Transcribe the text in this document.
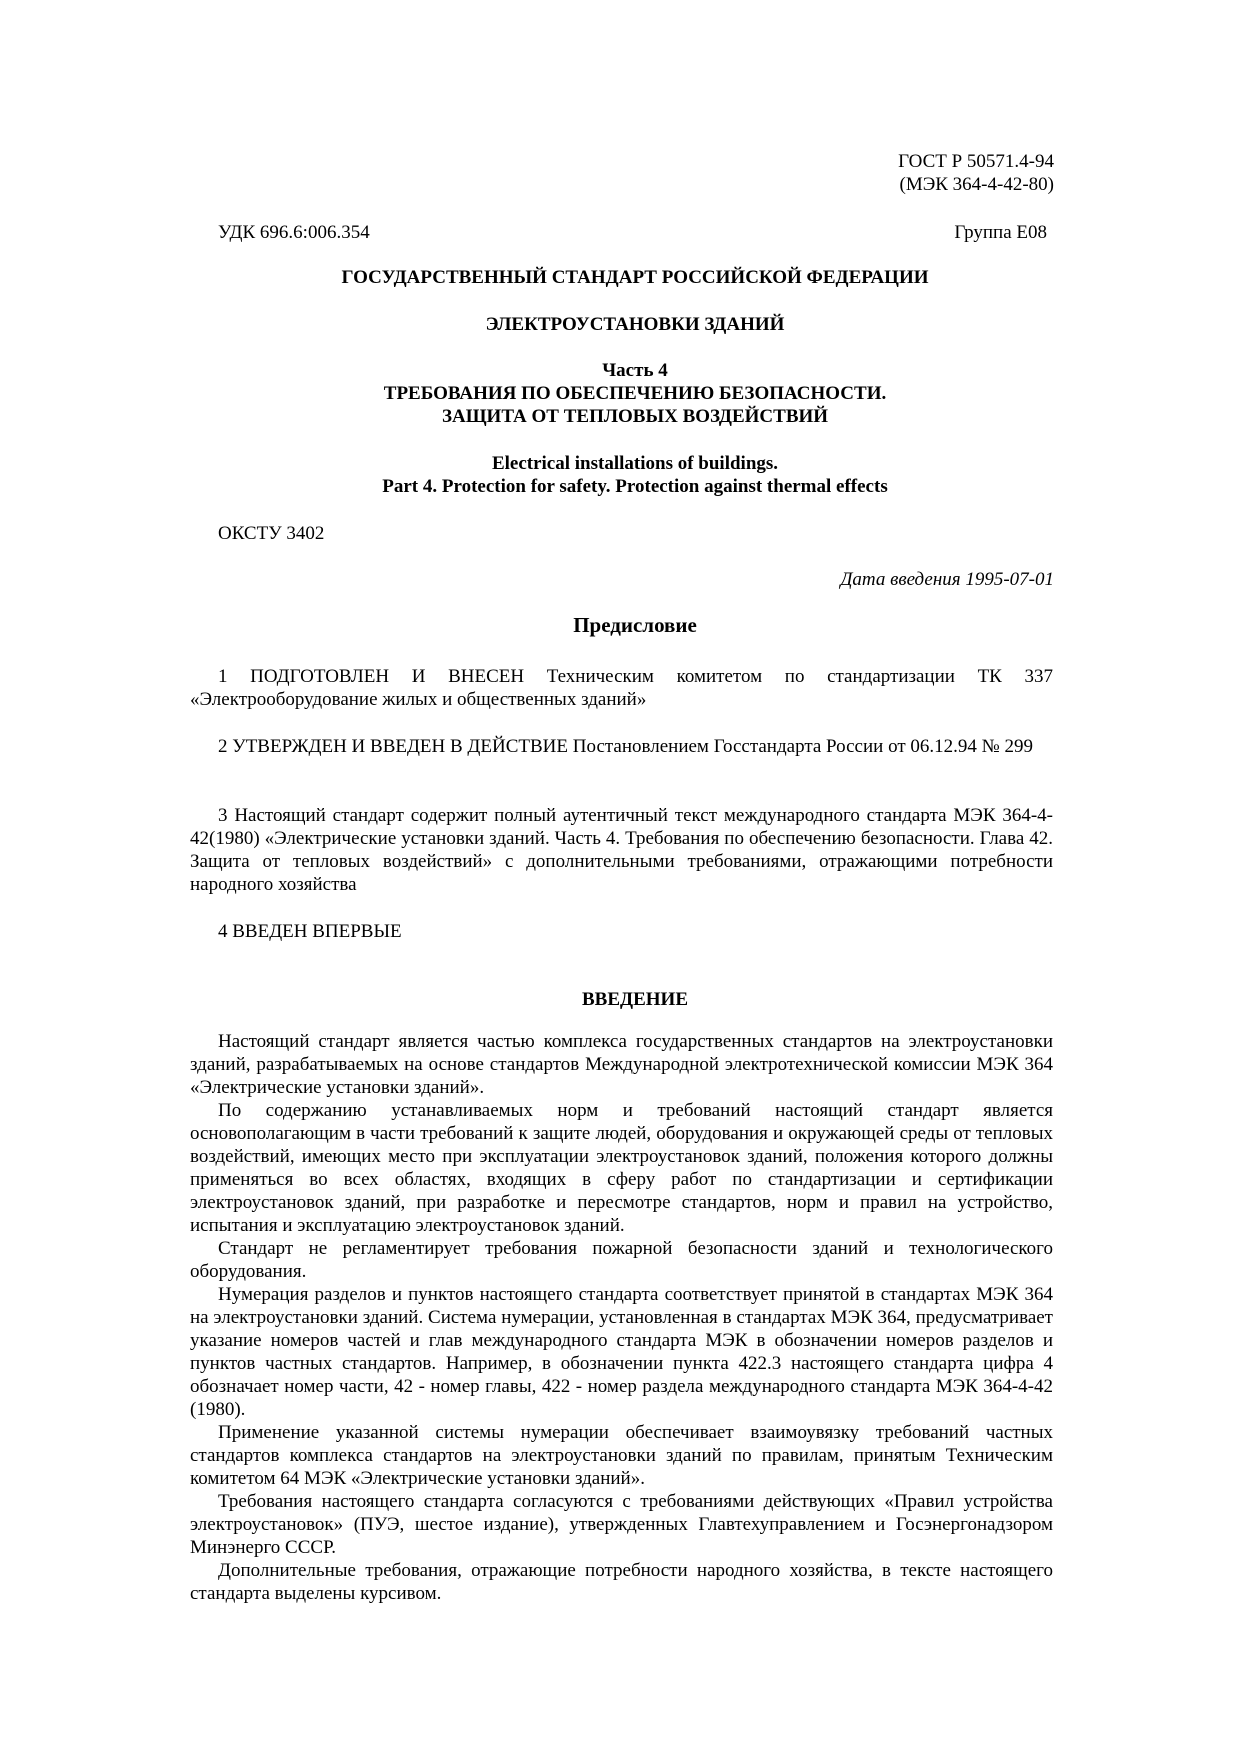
ГОСТ Р 50571.4-94
(МЭК 364-4-42-80)
УДК 696.6:006.354	Группа Е08
ГОСУДАРСТВЕННЫЙ СТАНДАРТ РОССИЙСКОЙ ФЕДЕРАЦИИ
ЭЛЕКТРОУСТАНОВКИ ЗДАНИЙ
Часть 4
ТРЕБОВАНИЯ ПО ОБЕСПЕЧЕНИЮ БЕЗОПАСНОСТИ.
ЗАЩИТА ОТ ТЕПЛОВЫХ ВОЗДЕЙСТВИЙ
Electrical installations of buildings.
Part 4. Protection for safety. Protection against thermal effects
ОКСТУ 3402
Дата введения 1995-07-01
Предисловие
1 ПОДГОТОВЛЕН И ВНЕСЕН Техническим комитетом по стандартизации ТК 337 «Электрооборудование жилых и общественных зданий»
2 УТВЕРЖДЕН И ВВЕДЕН В ДЕЙСТВИЕ Постановлением Госстандарта России от 06.12.94 № 299
3 Настоящий стандарт содержит полный аутентичный текст международного стандарта МЭК 364-4-42(1980) «Электрические установки зданий. Часть 4. Требования по обеспечению безопасности. Глава 42. Защита от тепловых воздействий» с дополнительными требованиями, отражающими потребности народного хозяйства
4 ВВЕДЕН ВПЕРВЫЕ
ВВЕДЕНИЕ

Настоящий стандарт является частью комплекса государственных стандартов на электроустановки зданий, разрабатываемых на основе стандартов Международной электротехнической комиссии МЭК 364 «Электрические установки зданий».

По содержанию устанавливаемых норм и требований настоящий стандарт является основополагающим в части требований к защите людей, оборудования и окружающей среды от тепловых воздействий, имеющих место при эксплуатации электроустановок зданий, положения которого должны применяться во всех областях, входящих в сферу работ по стандартизации и сертификации электроустановок зданий, при разработке и пересмотре стандартов, норм и правил на устройство, испытания и эксплуатацию электроустановок зданий.

Стандарт не регламентирует требования пожарной безопасности зданий и технологического оборудования.

Нумерация разделов и пунктов настоящего стандарта соответствует принятой в стандартах МЭК 364 на электроустановки зданий. Система нумерации, установленная в стандартах МЭК 364, предусматривает указание номеров частей и глав международного стандарта МЭК в обозначении номеров разделов и пунктов частных стандартов. Например, в обозначении пункта 422.3 настоящего стандарта цифра 4 обозначает номер части, 42 - номер главы, 422 - номер раздела международного стандарта МЭК 364-4-42 (1980).

Применение указанной системы нумерации обеспечивает взаимоувязку требований частных стандартов комплекса стандартов на электроустановки зданий по правилам, принятым Техническим комитетом 64 МЭК «Электрические установки зданий».

Требования настоящего стандарта согласуются с требованиями действующих «Правил устройства электроустановок» (ПУЭ, шестое издание), утвержденных Главтехуправлением и Госэнергонадзором Минэнерго СССР.

Дополнительные требования, отражающие потребности народного хозяйства, в тексте настоящего стандарта выделены курсивом.
